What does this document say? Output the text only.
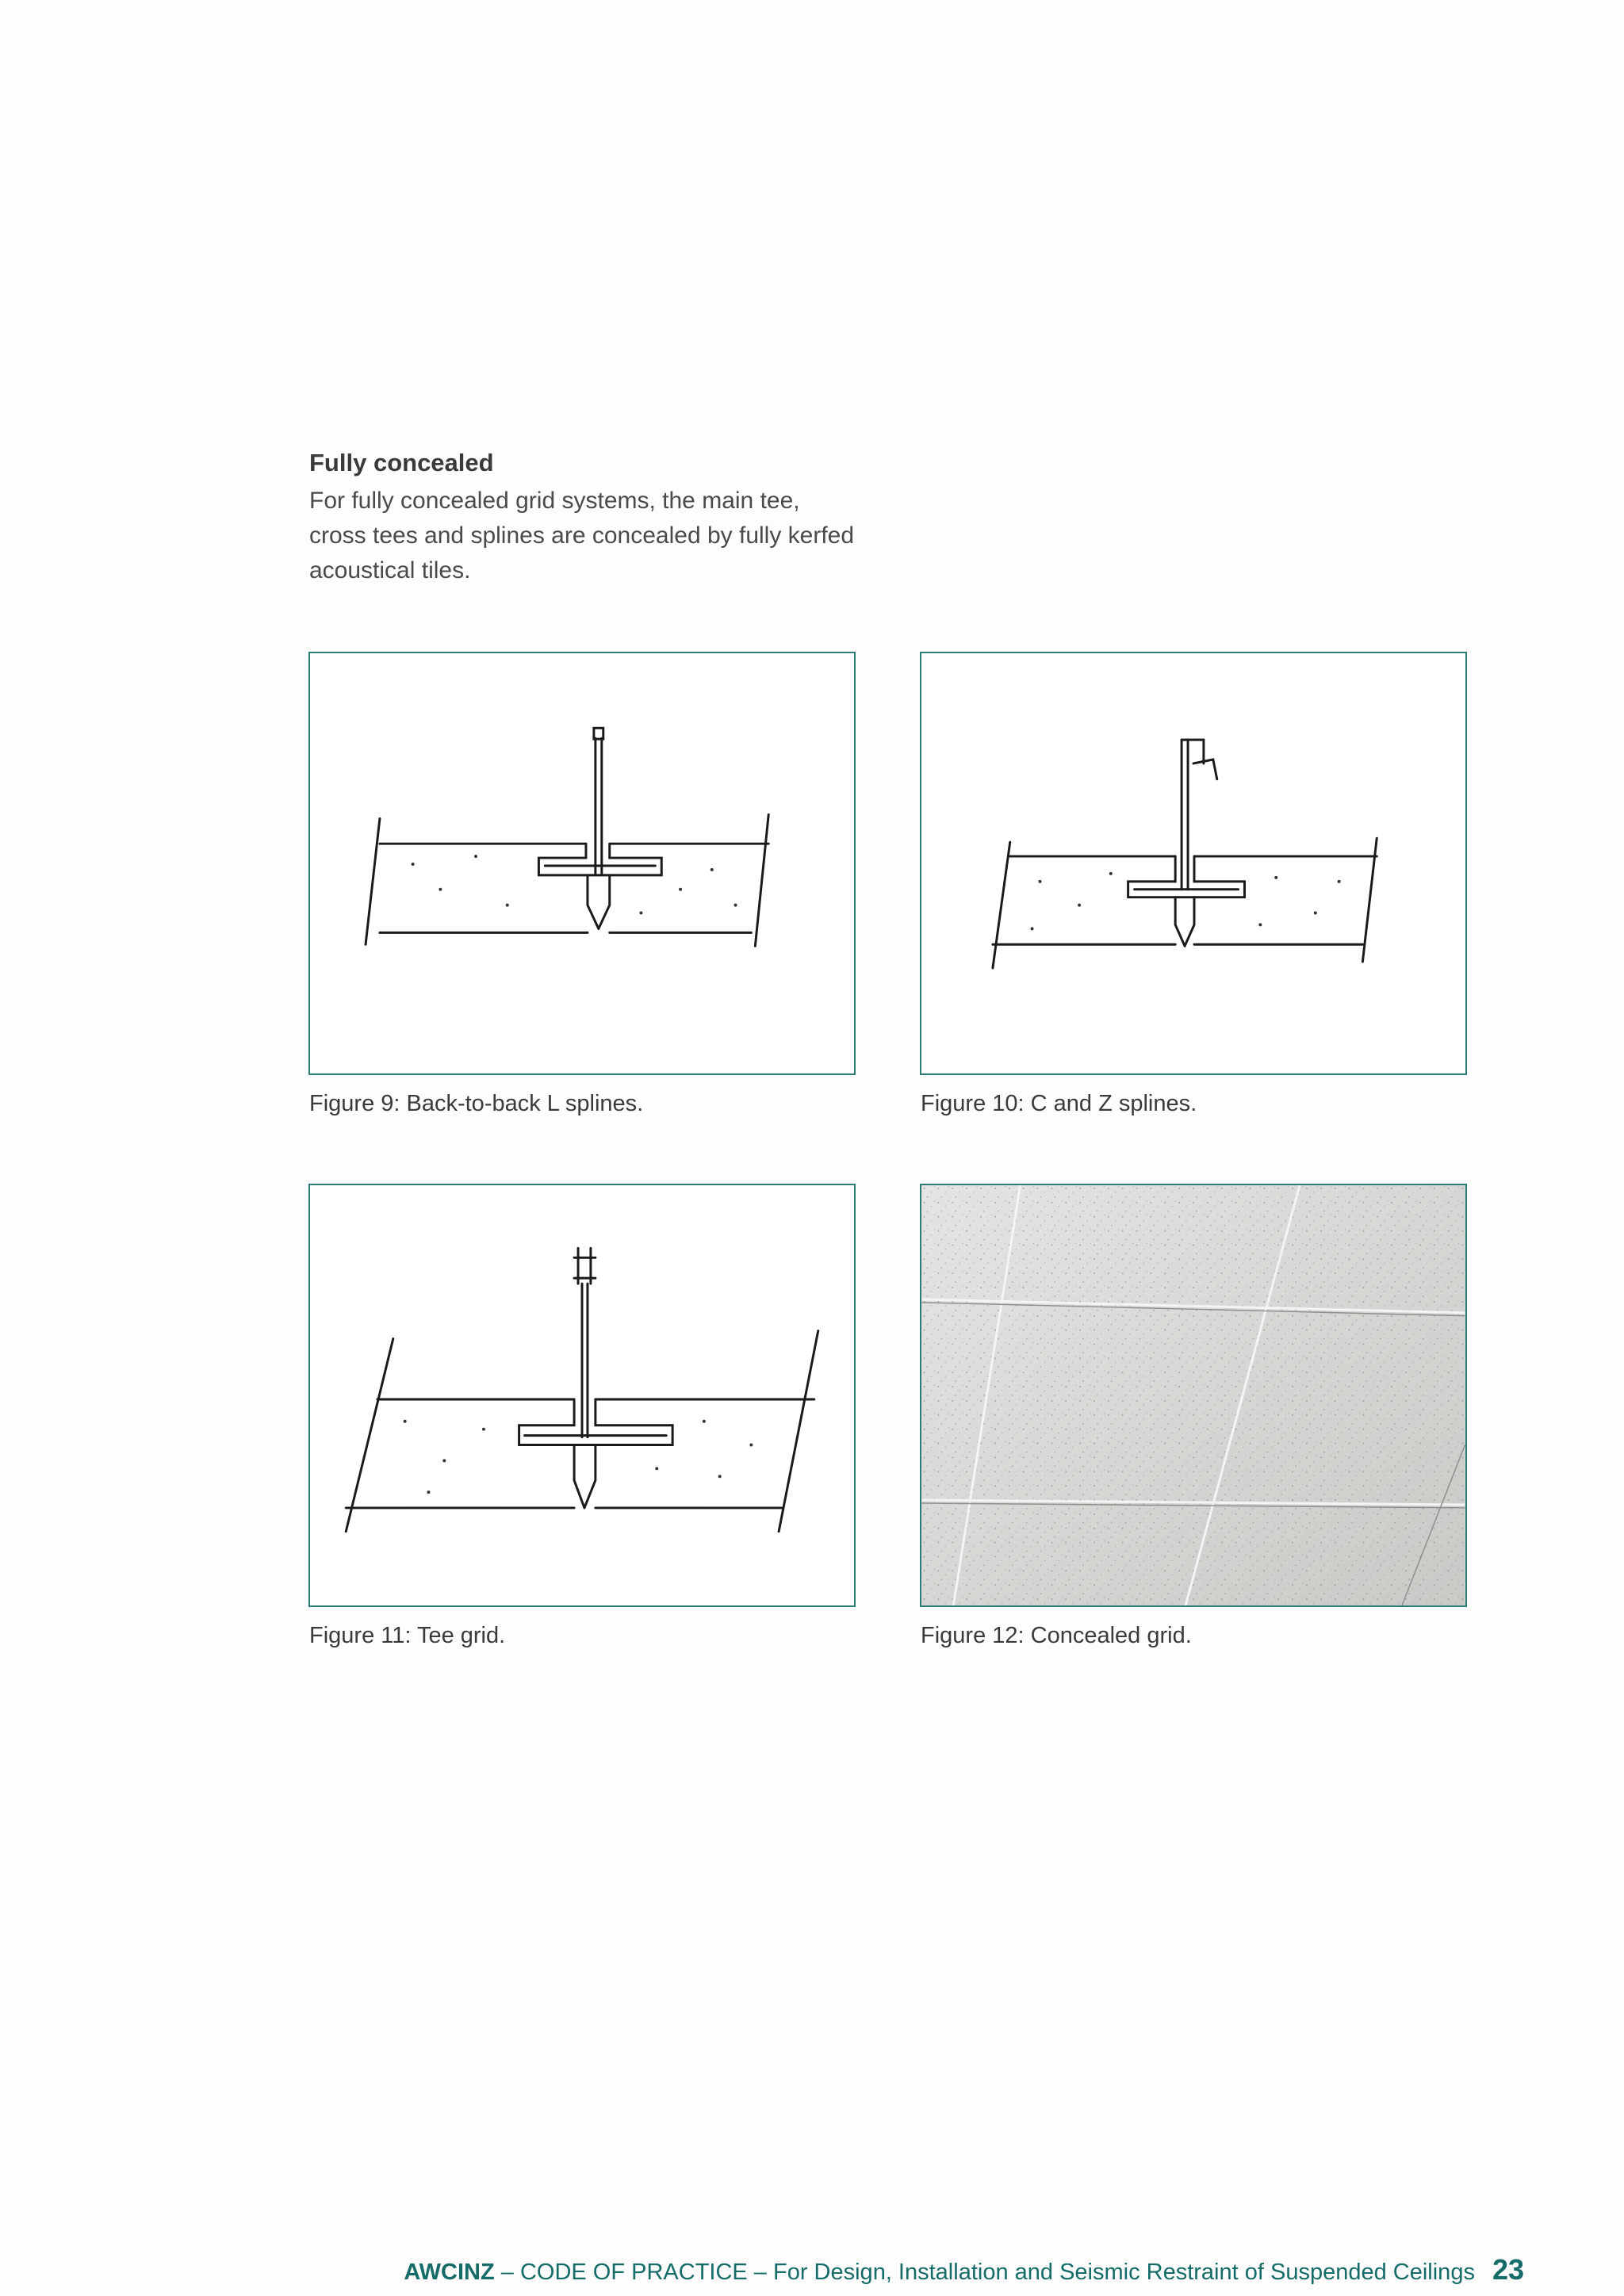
Fully concealed

For fully concealed grid systems, the main tee, cross tees and splines are concealed by fully kerfed acoustical tiles.

Figure 9: Back-to-back L splines.	Figure 10: C and Z splines.

Figure 11: Tee grid.	Figure 12: Concealed grid.

AWCINZ – CODE OF PRACTICE – For Design, Installation and Seismic Restraint of Suspended Ceilings 23
